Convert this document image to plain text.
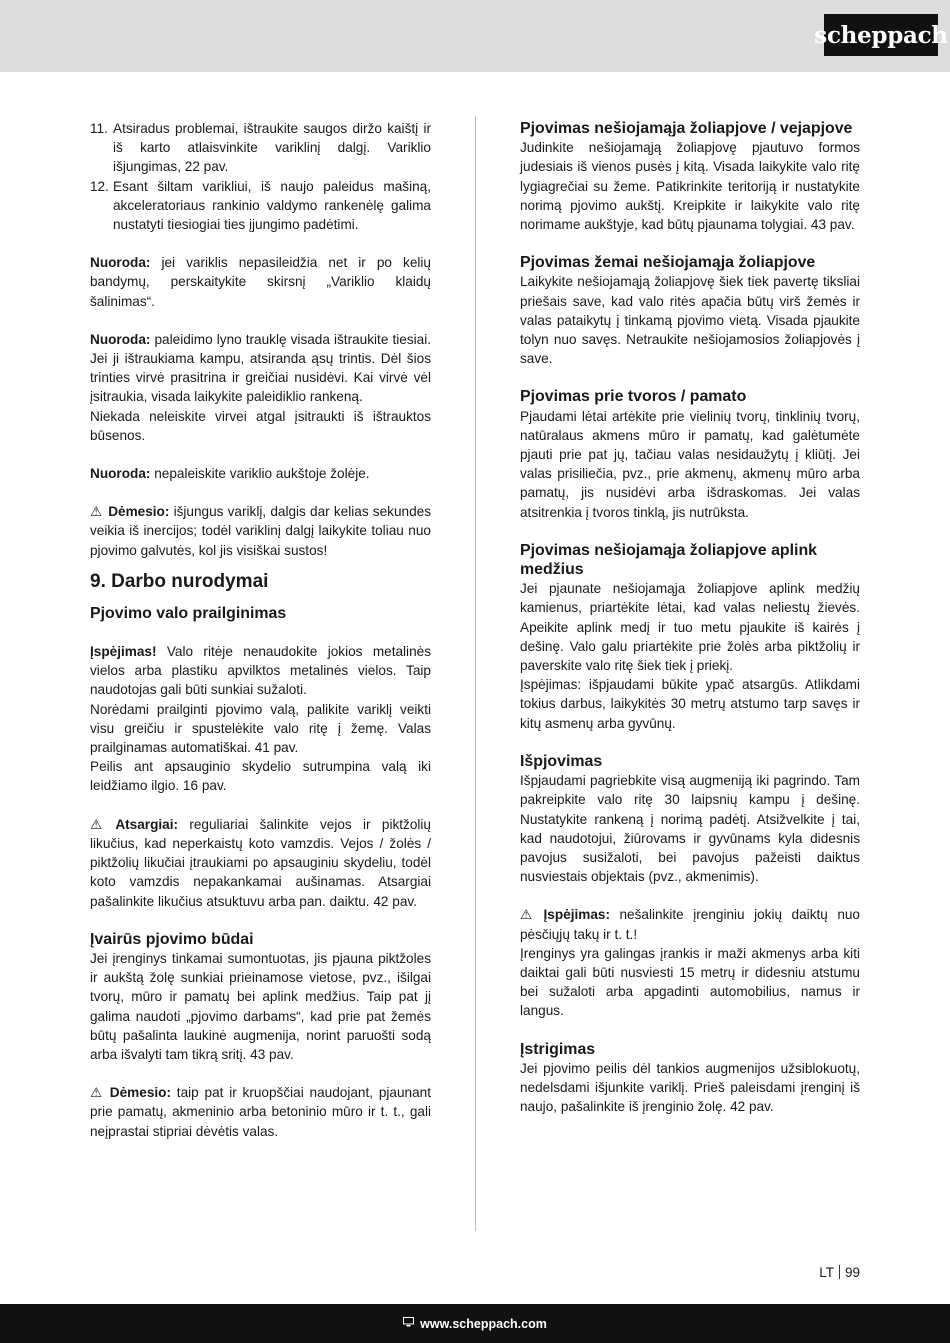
scheppach
11. Atsiradus problemai, ištraukite saugos diržo kaištį ir iš karto atlaisvinkite variklinį dalgį. Variklio išjungimas, 22 pav.
12. Esant šiltam varikliui, iš naujo paleidus mašiną, akceleratoriaus rankinio valdymo rankenėlę galima nustatyti tiesiogiai ties įjungimo padėtimi.

Nuoroda: jei variklis nepasileidžia net ir po kelių bandymų, perskaitykite skirsnį „Variklio klaidų šalinimas“.

Nuoroda: paleidimo lyno trauklę visada ištraukite tiesiai. Jei ji ištraukiama kampu, atsiranda ąsų trintis. Dėl šios trinties virvė prasitrina ir greičiai nusidėvi. Kai virvė vėl įsitraukia, visada laikykite paleidiklio rankeną.

Niekada neleiskite virvei atgal įsitraukti iš ištrauktos būsenos.

Nuoroda: nepaleiskite variklio aukštoje žolėje.

⚠ Dėmesio: išjungus variklį, dalgis dar kelias sekundes veikia iš inercijos; todėl variklinį dalgį laikykite toliau nuo pjovimo galvutės, kol jis visiškai sustos!

9. Darbo nurodymai
Pjovimo valo prailginimas

Įspėjimas! Valo ritėje nenaudokite jokios metalinės vielos arba plastiku apvilktos metalinės vielos. Taip naudotojas gali būti sunkiai sužaloti.

Norėdami prailginti pjovimo valą, palikite variklį veikti visu greičiu ir spustelėkite valo ritę į žemę. Valas prailginamas automatiškai. 41 pav.

Peilis ant apsauginio skydelio sutrumpina valą iki leidžiamo ilgio. 16 pav.

⚠ Atsargiai: reguliariai šalinkite vejos ir piktžolių likučius, kad neperkaistų koto vamzdis. Vejos / žolės / piktžolių likučiai įtraukiami po apsauginiu skydeliu, todėl koto vamzdis nepakankamai aušinamas. Atsargiai pašalinkite likučius atsuktuvu arba pan. daiktu. 42 pav.

Įvairūs pjovimo būdai

Jei įrenginys tinkamai sumontuotas, jis pjauna piktžoles ir aukštą žolę sunkiai prieinamose vietose, pvz., išilgai tvorų, mūro ir pamatų bei aplink medžius. Taip pat jį galima naudoti „pjovimo darbams“, kad prie pat žemės būtų pašalinta laukinė augmenija, norint paruošti sodą arba išvalyti tam tikrą sritį. 43 pav.

⚠ Dėmesio: taip pat ir kruopščiai naudojant, pjaunant prie pamatų, akmeninio arba betoninio mūro ir t. t., gali neįprastai stipriai dėvėtis valas.

Pjovimas nešiojamąja žoliapjove / vejapjove

Judinkite nešiojamąją žoliapjovę pjautuvo formos judesiais iš vienos pusės į kitą. Visada laikykite valo ritę lygiagrečiai su žeme. Patikrinkite teritoriją ir nustatykite norimą pjovimo aukštį. Kreipkite ir laikykite valo ritę norimame aukštyje, kad būtų pjaunama tolygiai. 43 pav.

Pjovimas žemai nešiojamąja žoliapjove

Laikykite nešiojamąją žoliapjovę šiek tiek pavertę tiksliai priešais save, kad valo ritės apačia būtų virš žemės ir valas pataikytų į tinkamą pjovimo vietą. Visada pjaukite tolyn nuo savęs. Netraukite nešiojamosios žoliapjovės į save.

Pjovimas prie tvoros / pamato

Pjaudami lėtai artėkite prie vielinių tvorų, tinklinių tvorų, natūralaus akmens mūro ir pamatų, kad galėtumėte pjauti prie pat jų, tačiau valas nesidaužytų į kliūtį. Jei valas prisiliečia, pvz., prie akmenų, akmenų mūro arba pamatų, jis nusidėvi arba išdraskomas. Jei valas atsitrenkia į tvoros tinklą, jis nutrūksta.

Pjovimas nešiojamąja žoliapjove aplink medžius

Jei pjaunate nešiojamąja žoliapjove aplink medžių kamienus, priartėkite lėtai, kad valas neliestų žievės. Apeikite aplink medį ir tuo metu pjaukite iš kairės į dešinę. Valo galu priartėkite prie žolės arba piktžolių ir paverskite valo ritę šiek tiek į priekį.

Įspėjimas: išpjaudami būkite ypač atsargūs. Atlikdami tokius darbus, laikykitės 30 metrų atstumo tarp savęs ir kitų asmenų arba gyvūnų.

Išpjovimas

Išpjaudami pagriebkite visą augmeniją iki pagrindo. Tam pakreipkite valo ritę 30 laipsnių kampu į dešinę. Nustatykite rankeną į norimą padėtį. Atsižvelkite į tai, kad naudotojui, žiūrovams ir gyvūnams kyla didesnis pavojus susižaloti, bei pavojus pažeisti daiktus nusviestais objektais (pvz., akmenimis).

⚠ Įspėjimas: nešalinkite įrenginiu jokių daiktų nuo pėsčiųjų takų ir t. t.!

Įrenginys yra galingas įrankis ir maži akmenys arba kiti daiktai gali būti nusviesti 15 metrų ir didesniu atstumu bei sužaloti arba apgadinti automobilius, namus ir langus.

Įstrigimas

Jei pjovimo peilis dėl tankios augmenijos užsiblokuotų, nedelsdami išjunkite variklį. Prieš paleisdami įrenginį iš naujo, pašalinkite iš įrenginio žolę. 42 pav.

LT 99
www.scheppach.com
